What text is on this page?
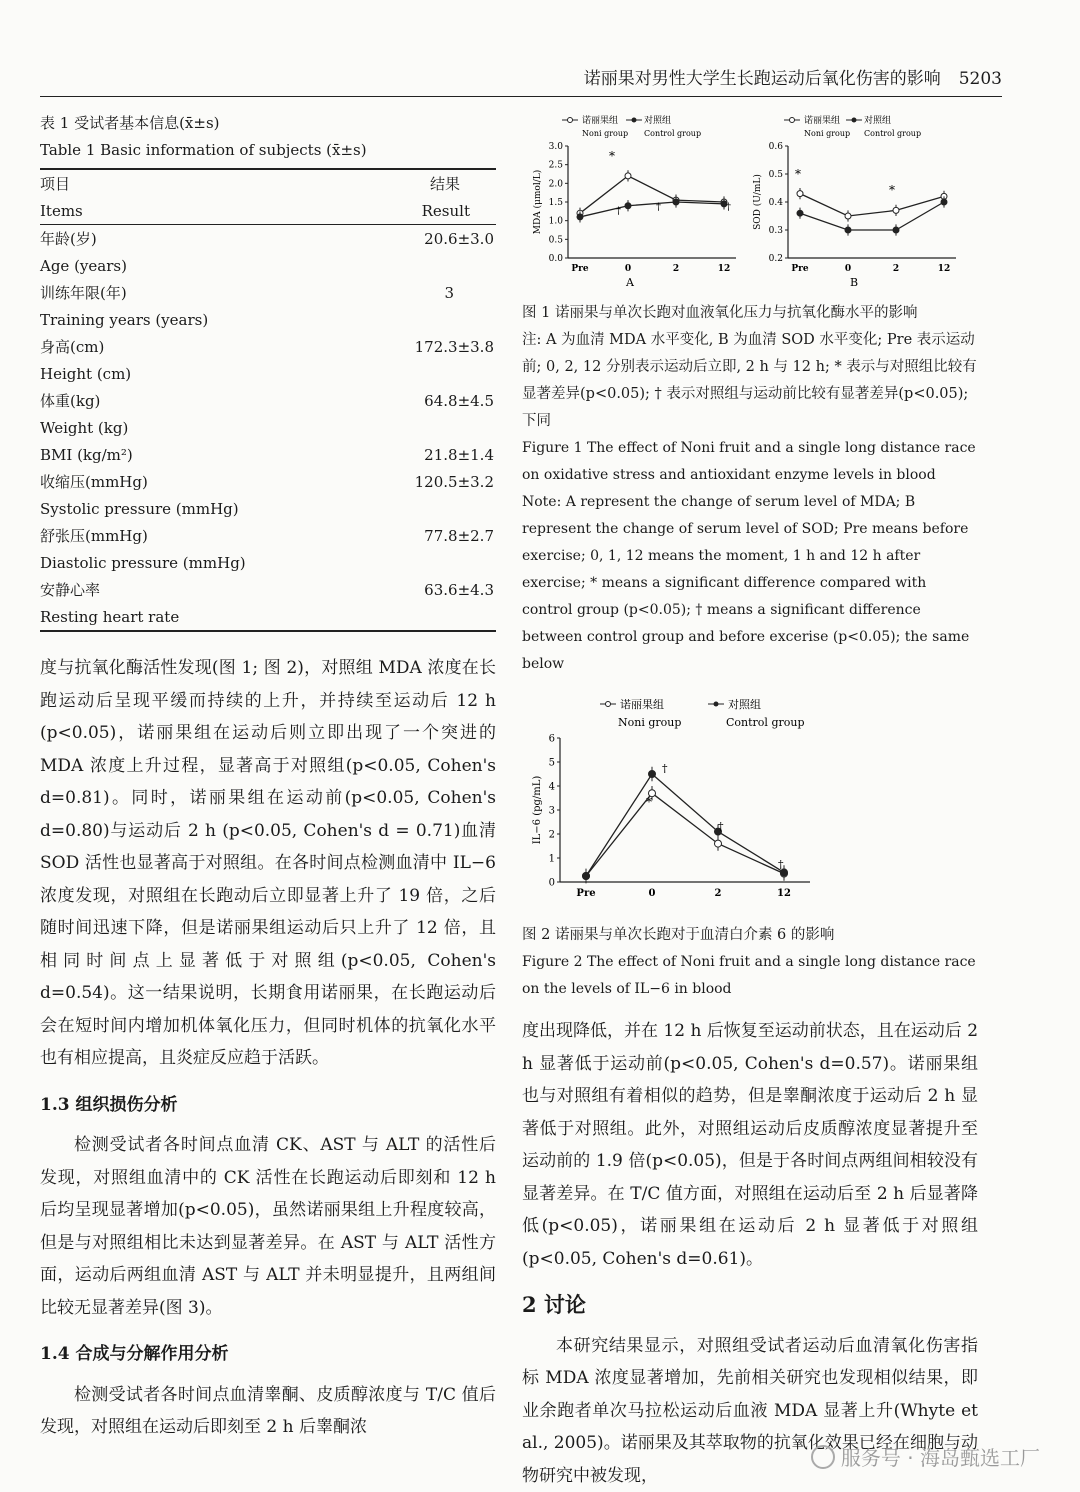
诺丽果对男性大学生长跑运动后氧化伤害的影响 5203
表 1 受试者基本信息(x̄±s)
Table 1 Basic information of subjects (x̄±s)
项目	结果
Items	Result
年龄(岁)	20.6±3.0
Age (years)	
训练年限(年)	3
Training years (years)	
身高(cm)	172.3±3.8
Height (cm)	
体重(kg)	64.8±4.5
Weight (kg)	
BMI (kg/m²)	21.8±1.4
收缩压(mmHg)	120.5±3.2
Systolic pressure (mmHg)	
舒张压(mmHg)	77.8±2.7
Diastolic pressure (mmHg)	
安静心率	63.6±4.3
Resting heart rate	

度与抗氧化酶活性发现(图 1; 图 2)，对照组 MDA 浓度在长跑运动后呈现平缓而持续的上升，并持续至运动后 12 h (p<0.05)，诺丽果组在运动后则立即出现了一个突进的 MDA 浓度上升过程，显著高于对照组(p<0.05, Cohen's d=0.81)。同时，诺丽果组在运动前(p<0.05, Cohen's d=0.80)与运动后 2 h (p<0.05, Cohen's d = 0.71)血清 SOD 活性也显著高于对照组。在各时间点检测血清中 IL−6 浓度发现，对照组在长跑动后立即显著上升了 19 倍，之后随时间迅速下降，但是诺丽果组运动后只上升了 12 倍，且相同时间点上显著低于对照组(p<0.05, Cohen's d=0.54)。这一结果说明，长期食用诺丽果，在长跑运动后会在短时间内增加机体氧化压力，但同时机体的抗氧化水平也有相应提高，且炎症反应趋于活跃。

1.3 组织损伤分析

检测受试者各时间点血清 CK、AST 与 ALT 的活性后发现，对照组血清中的 CK 活性在长跑运动后即刻和 12 h 后均呈现显著增加(p<0.05)，虽然诺丽果组上升程度较高，但是与对照组相比未达到显著差异。在 AST 与 ALT 活性方面，运动后两组血清 AST 与 ALT 并未明显提升，且两组间比较无显著差异(图 3)。

1.4 合成与分解作用分析

检测受试者各时间点血清睾酮、皮质醇浓度与 T/C 值后发现，对照组在运动后即刻至 2 h 后睾酮浓

诺丽果组	对照组
Noni group Control group
诺丽果组	对照组
Noni group Control group
0.0
0.5
1.0
1.5
2.0
2.5
3.0
Pre	0	2	12
MDA (μmol/L)
*
†	†	†
0.2
0.3
0.4
0.5
0.6
Pre	0	2	12
SOD (U/mL)
*
*
A	B

图 1 诺丽果与单次长跑对血液氧化压力与抗氧化酶水平的影响

注: A 为血清 MDA 水平变化, B 为血清 SOD 水平变化; Pre 表示运动前; 0, 2, 12 分别表示运动后立即, 2 h 与 12 h; * 表示与对照组比较有显著差异(p<0.05); † 表示对照组与运动前比较有显著差异(p<0.05); 下同

Figure 1 The effect of Noni fruit and a single long distance race on oxidative stress and antioxidant enzyme levels in blood

Note: A represent the change of serum level of MDA; B represent the change of serum level of SOD; Pre means before exercise; 0, 1, 12 means the moment, 1 h and 12 h after exercise; * means a significant difference compared with control group (p<0.05); † means a significant difference between control group and before excerise (p<0.05); the same below

诺丽果组	对照组
Noni group	Control group
0
1
2
3
4
5
6
Pre	0	2	12
IL−6 (pg/mL)
†
*
†
†

图 2 诺丽果与单次长跑对于血清白介素 6 的影响

Figure 2 The effect of Noni fruit and a single long distance race on the levels of IL−6 in blood

度出现降低，并在 12 h 后恢复至运动前状态，且在运动后 2 h 显著低于运动前(p<0.05, Cohen's d=0.57)。诺丽果组也与对照组有着相似的趋势，但是睾酮浓度于运动后 2 h 显著低于对照组。此外，对照组运动后皮质醇浓度显著提升至运动前的 1.9 倍(p<0.05)，但是于各时间点两组间相较没有显著差异。在 T/C 值方面，对照组在运动后至 2 h 后显著降低(p<0.05)，诺丽果组在运动后 2 h 显著低于对照组(p<0.05, Cohen's d=0.61)。

2 讨论

本研究结果显示，对照组受试者运动后血清氧化伤害指标 MDA 浓度显著增加，先前相关研究也发现相似结果，即业余跑者单次马拉松运动后血液 MDA 显著上升(Whyte et al., 2005)。诺丽果及其萃取物的抗氧化效果已经在细胞与动物研究中被发现，

服务号 · 海岛甄选工厂
